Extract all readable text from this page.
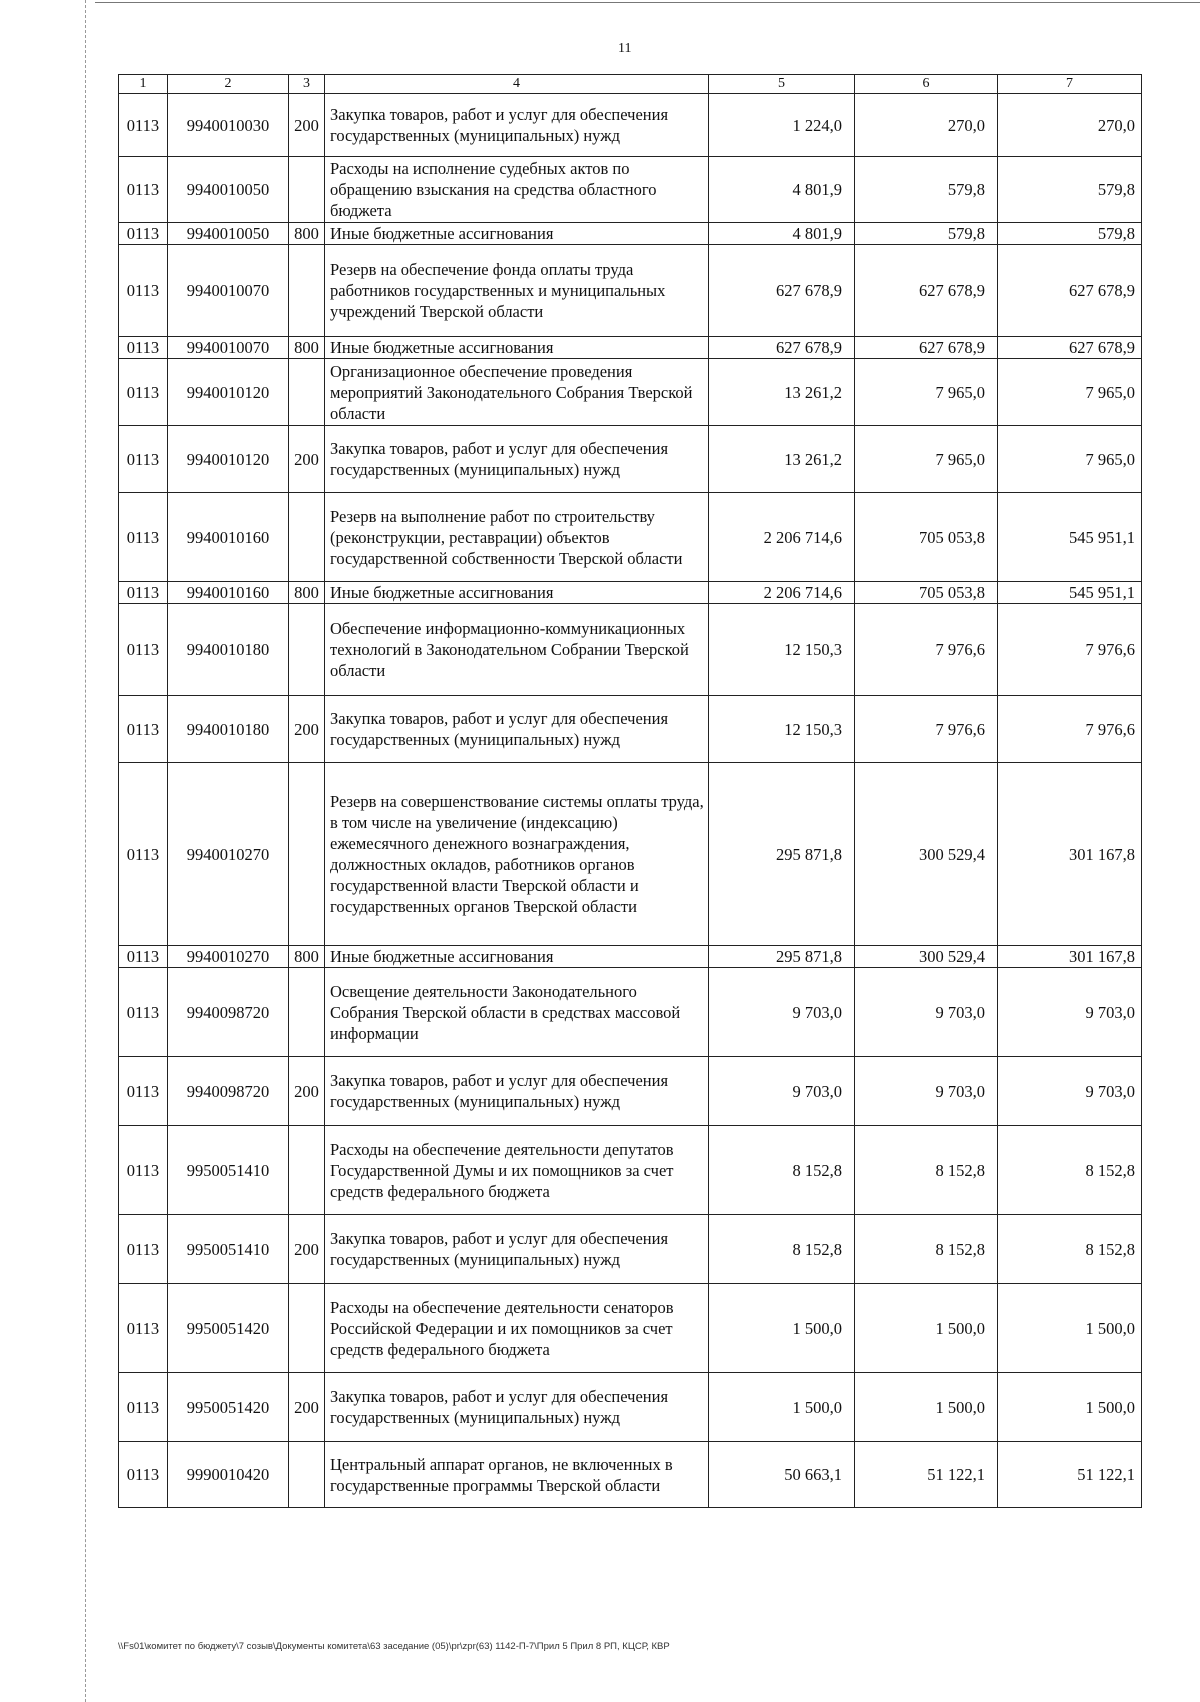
11
1	2	3	4	5	6	7
0113	9940010030	200	Закупка товаров, работ и услуг для обеспечения государственных (муниципальных) нужд	1 224,0	270,0	270,0
0113	9940010050		Расходы на исполнение судебных актов по обращению взыскания на средства областного бюджета	4 801,9	579,8	579,8
0113	9940010050	800	Иные бюджетные ассигнования	4 801,9	579,8	579,8
0113	9940010070		Резерв на обеспечение фонда оплаты труда работников государственных и муниципальных учреждений Тверской области	627 678,9	627 678,9	627 678,9
0113	9940010070	800	Иные бюджетные ассигнования	627 678,9	627 678,9	627 678,9
0113	9940010120		Организационное обеспечение проведения мероприятий Законодательного Собрания Тверской области	13 261,2	7 965,0	7 965,0
0113	9940010120	200	Закупка товаров, работ и услуг для обеспечения государственных (муниципальных) нужд	13 261,2	7 965,0	7 965,0
0113	9940010160		Резерв на выполнение работ по строительству (реконструкции, реставрации) объектов государственной собственности Тверской области	2 206 714,6	705 053,8	545 951,1
0113	9940010160	800	Иные бюджетные ассигнования	2 206 714,6	705 053,8	545 951,1
0113	9940010180		Обеспечение информационно-коммуникационных технологий в Законодательном Собрании Тверской области	12 150,3	7 976,6	7 976,6
0113	9940010180	200	Закупка товаров, работ и услуг для обеспечения государственных (муниципальных) нужд	12 150,3	7 976,6	7 976,6
0113	9940010270		Резерв на совершенствование системы оплаты труда, в том числе на увеличение (индексацию) ежемесячного денежного вознаграждения, должностных окладов, работников органов государственной власти Тверской области и государственных органов Тверской области	295 871,8	300 529,4	301 167,8
0113	9940010270	800	Иные бюджетные ассигнования	295 871,8	300 529,4	301 167,8
0113	9940098720		Освещение деятельности Законодательного Собрания Тверской области в средствах массовой информации	9 703,0	9 703,0	9 703,0
0113	9940098720	200	Закупка товаров, работ и услуг для обеспечения государственных (муниципальных) нужд	9 703,0	9 703,0	9 703,0
0113	9950051410		Расходы на обеспечение деятельности депутатов Государственной Думы и их помощников за счет средств федерального бюджета	8 152,8	8 152,8	8 152,8
0113	9950051410	200	Закупка товаров, работ и услуг для обеспечения государственных (муниципальных) нужд	8 152,8	8 152,8	8 152,8
0113	9950051420		Расходы на обеспечение деятельности сенаторов Российской Федерации и их помощников за счет средств федерального бюджета	1 500,0	1 500,0	1 500,0
0113	9950051420	200	Закупка товаров, работ и услуг для обеспечения государственных (муниципальных) нужд	1 500,0	1 500,0	1 500,0
0113	9990010420		Центральный аппарат органов, не включенных в государственные программы Тверской области	50 663,1	51 122,1	51 122,1
\\Fs01\комитет по бюджету\7 созыв\Документы комитета\63 заседание (05)\pr\zpr(63) 1142-П-7\Прил 5 Прил 8 РП, КЦСР, КВР
